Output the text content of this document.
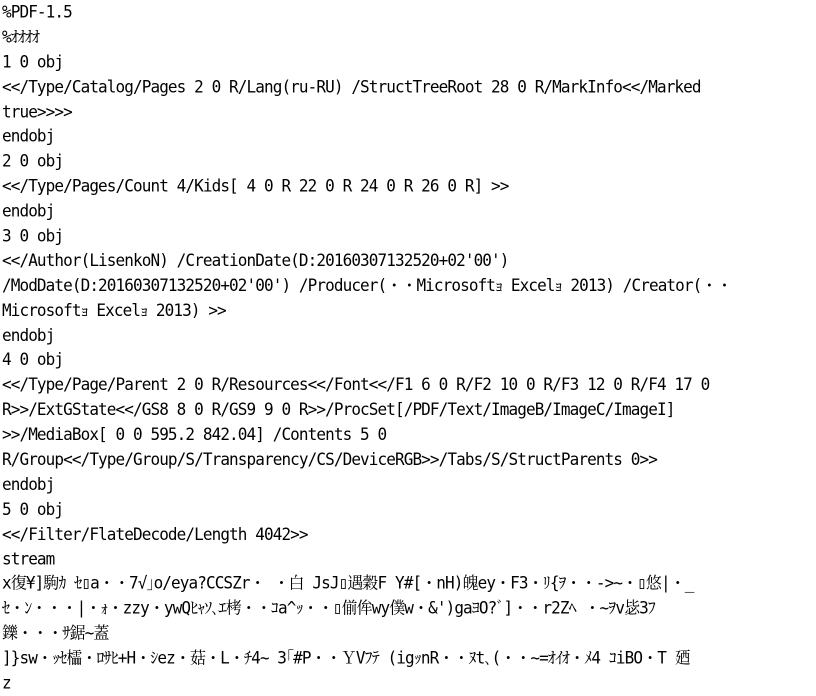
%PDF-1.5
%ｵｵｵｵ
1 0 obj
<</Type/Catalog/Pages 2 0 R/Lang(ru-RU) /StructTreeRoot 28 0 R/MarkInfo<</Marked
true>>>>
endobj
2 0 obj
<</Type/Pages/Count 4/Kids[ 4 0 R 22 0 R 24 0 R 26 0 R] >>
endobj
3 0 obj
<</Author(LisenkoN) /CreationDate(D:20160307132520+02'00')
/ModDate(D:20160307132520+02'00') /Producer(・・Microsoftｮ Excelｮ 2013) /Creator(・・
Microsoftｮ Excelｮ 2013) >>
endobj
4 0 obj
<</Type/Page/Parent 2 0 R/Resources<</Font<</F1 6 0 R/F2 10 0 R/F3 12 0 R/F4 17 0
R>>/ExtGState<</GS8 8 0 R/GS9 9 0 R>>/ProcSet[/PDF/Text/ImageB/ImageC/ImageI]
>>/MediaBox[ 0 0 595.2 842.04] /Contents 5 0
R/Group<</Type/Group/S/Transparency/CS/DeviceRGB>>/Tabs/S/StructParents 0>>
endobj
5 0 obj
<</Filter/FlateDecode/Length 4042>>
stream
x復¥]駒ｶ ｾ▯a・・7√｣o/eya?CCSZr・ ・白 JsJ▯遇穀F Y#[・nH)魄ey・F3・ﾘ{ｦ・・->~・▯悠|・_
ｾ・ﾝ・・・|・ｫ・zzy・ywQﾋｬｿ､ｴ栲・・ｺa^ｯ・・▯偂侔wy僕w・&')gaﾖO?ﾞ]・・r2Zﾍ ・~ｦv毖3ﾌ
鑠・・・ｻ鋸~蓋
]}sw・ｯｾ櫺・ﾛｻﾋ+H・ｼez・菇・L・ﾁ4~ 3｢#P・・ＹVﾌﾃ (igｯnR・・ﾇt､(・・~=ｵｲｵ・ﾒ4 ｺiBO・T 廼
z
